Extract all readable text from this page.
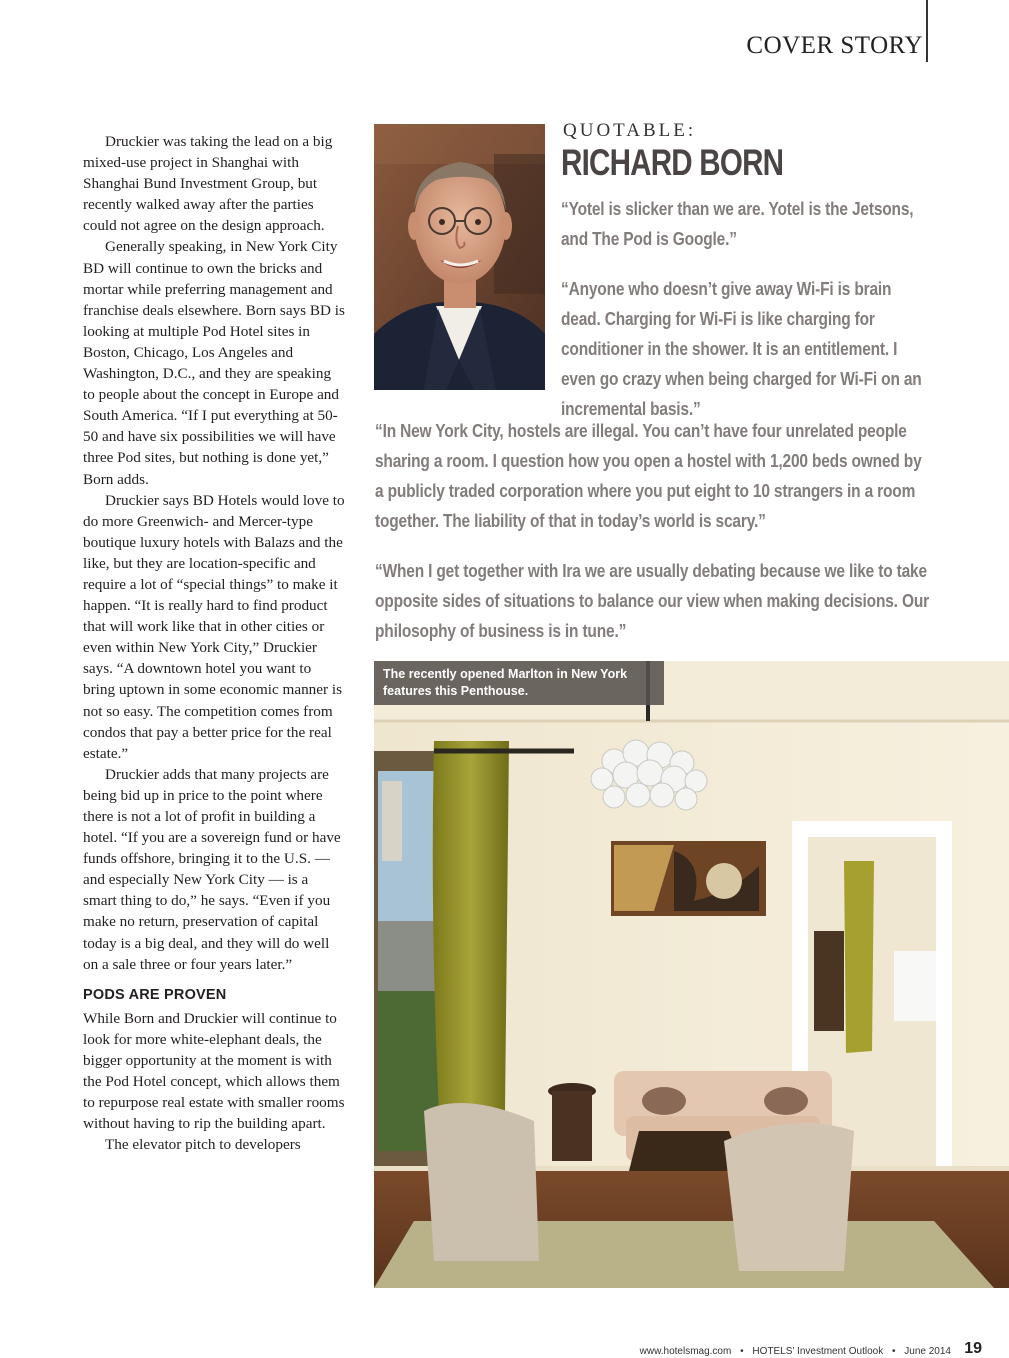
COVER STORY

Druckier was taking the lead on a big mixed-use project in Shanghai with Shanghai Bund Investment Group, but recently walked away after the parties could not agree on the design approach.

Generally speaking, in New York City BD will continue to own the bricks and mortar while preferring management and franchise deals elsewhere. Born says BD is looking at multiple Pod Hotel sites in Boston, Chicago, Los Angeles and Washington, D.C., and they are speaking to people about the concept in Europe and South America. “If I put everything at 50-50 and have six possibilities we will have three Pod sites, but nothing is done yet,” Born adds.

Druckier says BD Hotels would love to do more Greenwich- and Mercer-type boutique luxury hotels with Balazs and the like, but they are location-specific and require a lot of “special things” to make it happen. “It is really hard to find product that will work like that in other cities or even within New York City,” Druckier says. “A downtown hotel you want to bring uptown in some economic manner is not so easy. The competition comes from condos that pay a better price for the real estate.”

Druckier adds that many projects are being bid up in price to the point where there is not a lot of profit in building a hotel. “If you are a sovereign fund or have funds offshore, bringing it to the U.S. — and especially New York City — is a smart thing to do,” he says. “Even if you make no return, preservation of capital today is a big deal, and they will do well on a sale three or four years later.”

PODS ARE PROVEN

While Born and Druckier will continue to look for more white-elephant deals, the bigger opportunity at the moment is with the Pod Hotel concept, which allows them to repurpose real estate with smaller rooms without having to rip the building apart.

The elevator pitch to developers

QUOTABLE:
RICHARD BORN

“Yotel is slicker than we are. Yotel is the Jetsons, and The Pod is Google.”

“Anyone who doesn’t give away Wi-Fi is brain dead. Charging for Wi-Fi is like charging for conditioner in the shower. It is an entitlement. I even go crazy when being charged for Wi-Fi on an incremental basis.”

“In New York City, hostels are illegal. You can’t have four unrelated people sharing a room. I question how you open a hostel with 1,200 beds owned by a publicly traded corporation where you put eight to 10 strangers in a room together. The liability of that in today’s world is scary.”

“When I get together with Ira we are usually debating because we like to take opposite sides of situations to balance our view when making decisions. Our philosophy of business is in tune.”

The recently opened Marlton in New York features this Penthouse.
www.hotelsmag.com • HOTELS’ Investment Outlook • June 2014 19
